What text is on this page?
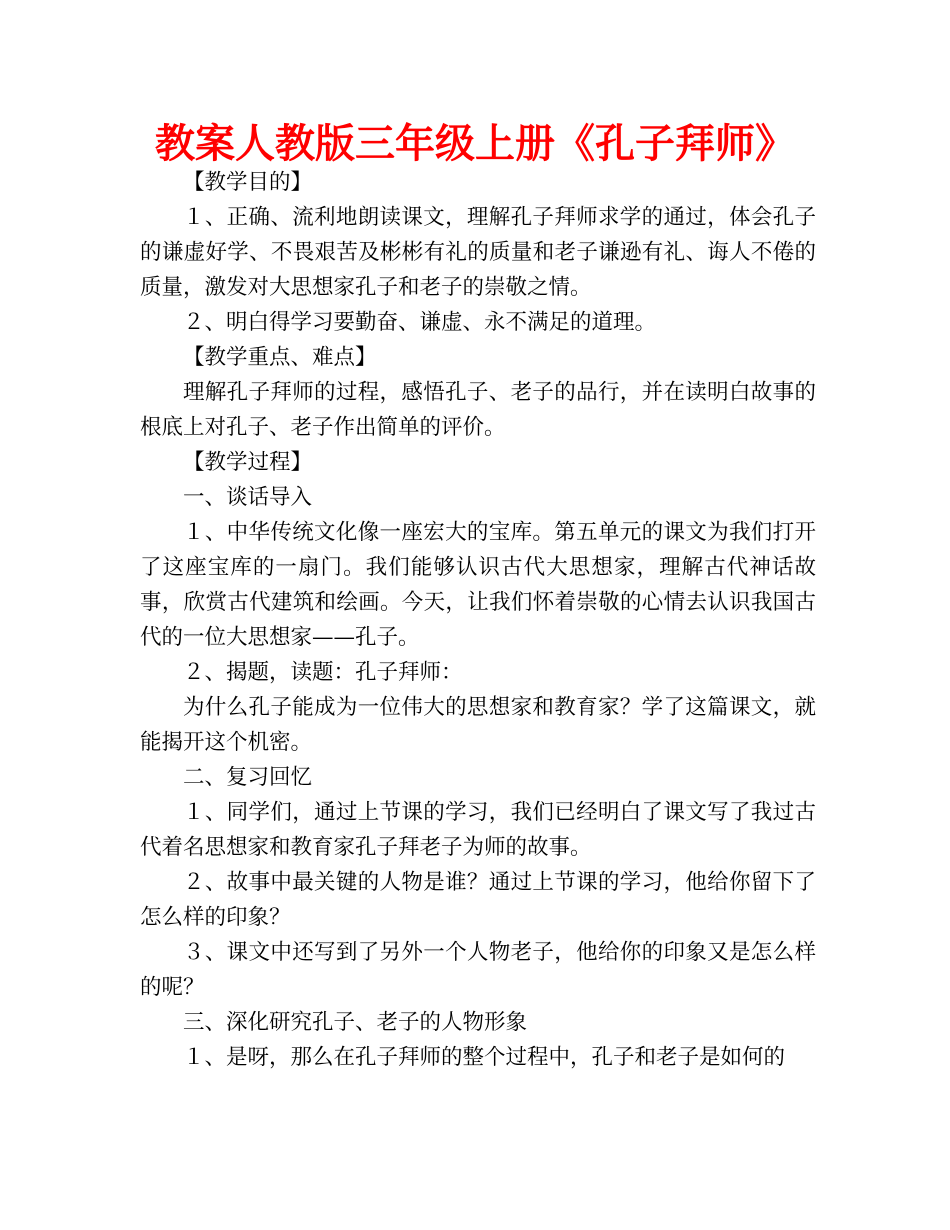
教案人教版三年级上册《孔子拜师》

【教学目的】

１、正确、流利地朗读课文，理解孔子拜师求学的通过，体会孔子的谦虚好学、不畏艰苦及彬彬有礼的质量和老子谦逊有礼、诲人不倦的质量，激发对大思想家孔子和老子的崇敬之情。

２、明白得学习要勤奋、谦虚、永不满足的道理。

【教学重点、难点】

理解孔子拜师的过程，感悟孔子、老子的品行，并在读明白故事的根底上对孔子、老子作出简单的评价。

【教学过程】

一、谈话导入

１、中华传统文化像一座宏大的宝库。第五单元的课文为我们打开了这座宝库的一扇门。我们能够认识古代大思想家，理解古代神话故事，欣赏古代建筑和绘画。今天，让我们怀着崇敬的心情去认识我国古代的一位大思想家——孔子。

２、揭题，读题：孔子拜师：

为什么孔子能成为一位伟大的思想家和教育家？学了这篇课文，就能揭开这个机密。

二、复习回忆

１、同学们，通过上节课的学习，我们已经明白了课文写了我过古代着名思想家和教育家孔子拜老子为师的故事。

２、故事中最关键的人物是谁？通过上节课的学习，他给你留下了怎么样的印象？

３、课文中还写到了另外一个人物老子，他给你的印象又是怎么样的呢？

三、深化研究孔子、老子的人物形象

１、是呀，那么在孔子拜师的整个过程中，孔子和老子是如何的
